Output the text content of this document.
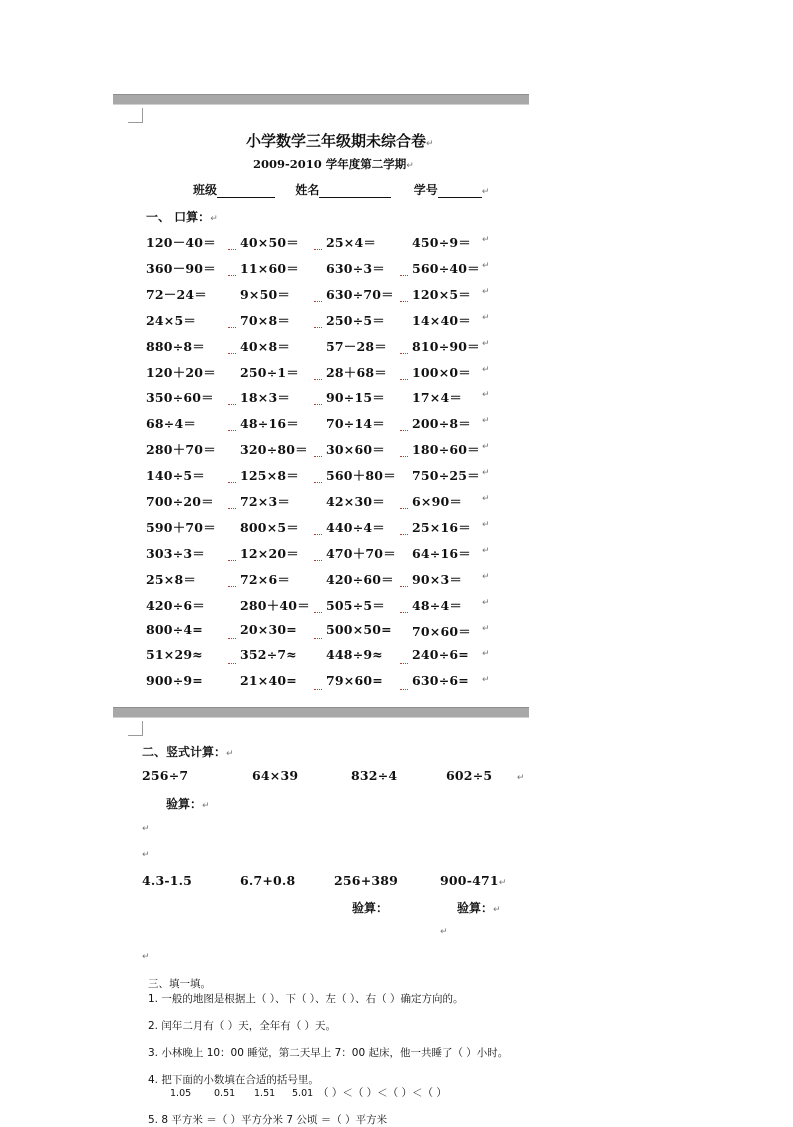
小学数学三年级期未综合卷↵
2009-2010 学年度第二学期↵
班级	姓名	学号	↵
一、 口算：↵
120－40＝ 40×50＝ 25×4＝	450÷9＝ ↵
360－90＝ 11×60＝ 630÷3＝ 560÷40＝ ↵
72－24＝	9×50＝	630÷70＝ 120×5＝ ↵
24×5＝	70×8＝	250÷5＝ 14×40＝ ↵
880÷8＝	40×8＝	57－28＝ 810÷90＝ ↵
120＋20＝ 250÷1＝ 28＋68＝ 100×0＝ ↵
350÷60＝ 18×3＝	90÷15＝ 17×4＝ ↵
68÷4＝	48÷16＝ 70÷14＝ 200÷8＝ ↵
280＋70＝ 320÷80＝ 30×60＝ 180÷60＝ ↵
140÷5＝	125×8＝ 560＋80＝ 750÷25＝ ↵
700÷20＝ 72×3＝	42×30＝ 6×90＝ ↵
590＋70＝ 800×5＝ 440÷4＝ 25×16＝ ↵
303÷3＝	12×20＝ 470＋70＝ 64÷16＝ ↵
25×8＝	72×6＝	420÷60＝ 90×3＝ ↵
420÷6＝	280＋40＝ 505÷5＝ 48÷4＝ ↵
800÷4=	20×30= 500×50= 70×60＝ ↵
51×29≈	352÷7≈ 448÷9≈ 240÷6= ↵
900÷9=	21×40= 79×60= 630÷6= ↵
二、竖式计算：↵
256÷7	64×39	832÷4	602÷5	↵
验算：↵
↵
↵
4.3-1.5	6.7+0.8	256+389	900-471↵
验算：	验算：↵
↵
↵
三、填一填。
1. 一般的地图是根据上（ ）、下（ ）、左（ ）、右（ ）确定方向的。
2. 闰年二月有（ ）天，全年有（ ）天。
3. 小林晚上 10：00 睡觉，第二天早上 7：00 起床，他一共睡了（ ）小时。
4. 把下面的小数填在合适的括号里。
1.05 0.51 1.51 5.01 （ ）＜（ ）＜（ ）＜（ ）
5. 8 平方米 ＝（ ）平方分米 7 公顷 ＝（ ）平方米
